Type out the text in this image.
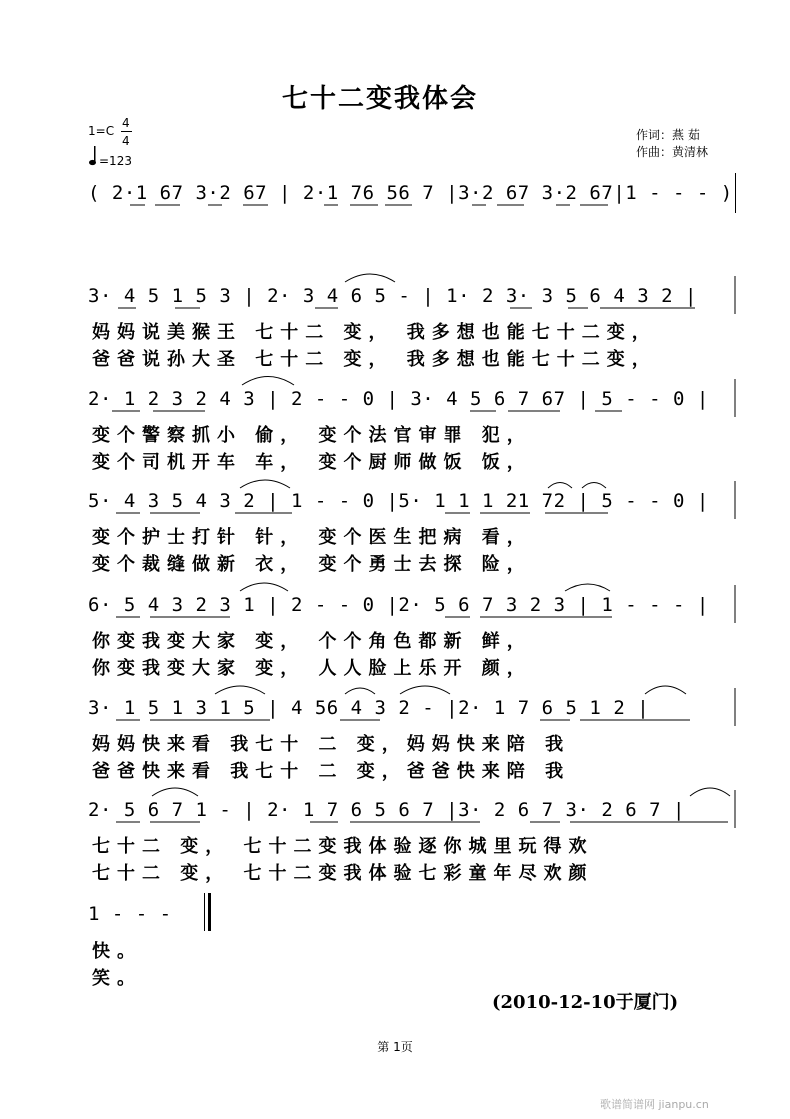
七十二变我体会
1=C
4
4
=123
作词：燕 茹
作曲：黄清林
( 2·1 67 3·2 67 | 2·1 76 56 7 |3·2 67 3·2 67|1 - - - )
3· 4 5 1 5 3 | 2· 3 4 6 5 - | 1· 2 3· 3 5 6 4 3 2 |
妈妈说美猴王 七十二 变， 我多想也能七十二变，
爸爸说孙大圣 七十二 变， 我多想也能七十二变，
2· 1 2 3 2 4 3 | 2 - - 0 | 3· 4 5 6 7 67 | 5 - - 0 |
变个警察抓小 偷， 变个法官审罪 犯，
变个司机开车 车， 变个厨师做饭 饭，
5· 4 3 5 4 3 2 | 1 - - 0 |5· 1 1 1 21 72 | 5 - - 0 |
变个护士打针 针， 变个医生把病 看，
变个裁缝做新 衣， 变个勇士去探 险，
6· 5 4 3 2 3 1 | 2 - - 0 |2· 5 6 7 3 2 3 | 1 - - - |
你变我变大家 变， 个个角色都新 鲜，
你变我变大家 变， 人人脸上乐开 颜，
3· 1 5 1 3 1 5 | 4 56 4 3 2 - |2· 1 7 6 5 1 2 |
妈妈快来看 我七十 二 变，妈妈快来陪 我
爸爸快来看 我七十 二 变，爸爸快来陪 我
2· 5 6 7 1 - | 2· 1 7 6 5 6 7 |3· 2 6 7 3· 2 6 7 |
七十二 变， 七十二变我体验逐你城里玩得欢
七十二 变， 七十二变我体验七彩童年尽欢颜
1 - - -
快。
笑。
(2010-12-10于厦门)
第 1页
歌谱简谱网 jianpu.cn
